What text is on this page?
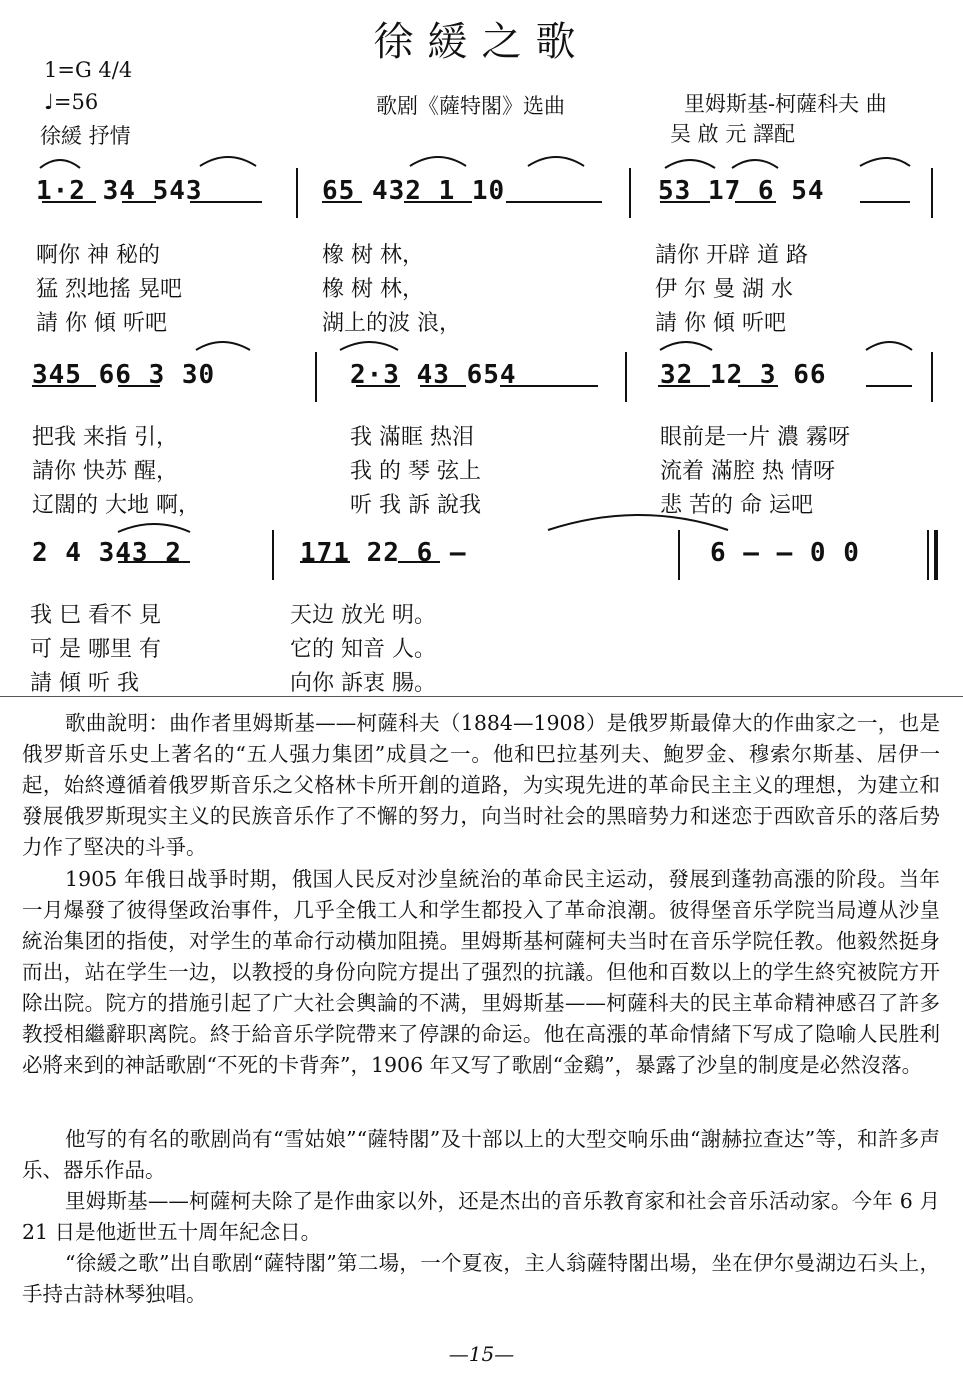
徐緩之歌
1=G 4/4
♩=56
徐緩 抒情
歌剧《薩特閣》选曲	里姆斯基-柯薩科夫 曲
吴 啟 元 譯配
1·2 34 543	65 432 1 10	53 17 6 54
啊你 神 秘的	橡 树 林，	請你 开辟 道 路
猛 烈地搖 晃吧	橡 树 林，	伊 尔 曼 湖 水
請 你 傾 听吧	湖上的波 浪，	請 你 傾 听吧
345 66 3 30	2·3 43 654	32 12 3 66
把我 来指 引，	我 滿眶 热泪	眼前是一片 濃 霧呀
請你 快苏 醒，	我 的 琴 弦上	流着 滿腔 热 情呀
辽闊的 大地 啊，	听 我 訴 說我	悲 苦的 命 运吧
2 4 343 2	171 22 6 —	6 — — 0 0
我 巳 看不 見	天边 放光 明。
可 是 哪里 有	它的 知音 人。
請 傾 听 我	向你 訴衷 腸。
歌曲說明：曲作者里姆斯基——柯薩科夫（1884—1908）是俄罗斯最偉大的作曲家之一，也是俄罗斯音乐史上著名的“五人强力集团”成員之一。他和巴拉基列夫、鮑罗金、穆索尔斯基、居伊一起，始終遵循着俄罗斯音乐之父格林卡所开創的道路，为实現先进的革命民主主义的理想，为建立和發展俄罗斯現实主义的民族音乐作了不懈的努力，向当时社会的黑暗势力和迷恋于西欧音乐的落后势力作了堅决的斗爭。
1905 年俄日战爭时期，俄国人民反对沙皇統治的革命民主运动，發展到蓬勃高漲的阶段。当年一月爆發了彼得堡政治事件，几乎全俄工人和学生都投入了革命浪潮。彼得堡音乐学院当局遵从沙皇統治集团的指使，对学生的革命行动橫加阻撓。里姆斯基柯薩柯夫当时在音乐学院任教。他毅然挺身而出，站在学生一边，以教授的身份向院方提出了强烈的抗議。但他和百数以上的学生終究被院方开除出院。院方的措施引起了广大社会輿論的不满，里姆斯基——柯薩科夫的民主革命精神感召了許多教授相繼辭职离院。終于給音乐学院帶来了停課的命运。他在高漲的革命情緒下写成了隐喻人民胜利必將来到的神話歌剧“不死的卡背奔”，1906 年又写了歌剧“金鷄”，暴露了沙皇的制度是必然沒落。
他写的有名的歌剧尚有“雪姑娘”“薩特閣”及十部以上的大型交响乐曲“謝赫拉查达”等，和許多声乐、器乐作品。
里姆斯基——柯薩柯夫除了是作曲家以外，还是杰出的音乐教育家和社会音乐活动家。今年 6 月 21 日是他逝世五十周年紀念日。
“徐緩之歌”出自歌剧“薩特閣”第二場，一个夏夜，主人翁薩特閣出場，坐在伊尔曼湖边石头上，手持古詩林琴独唱。
—15—
